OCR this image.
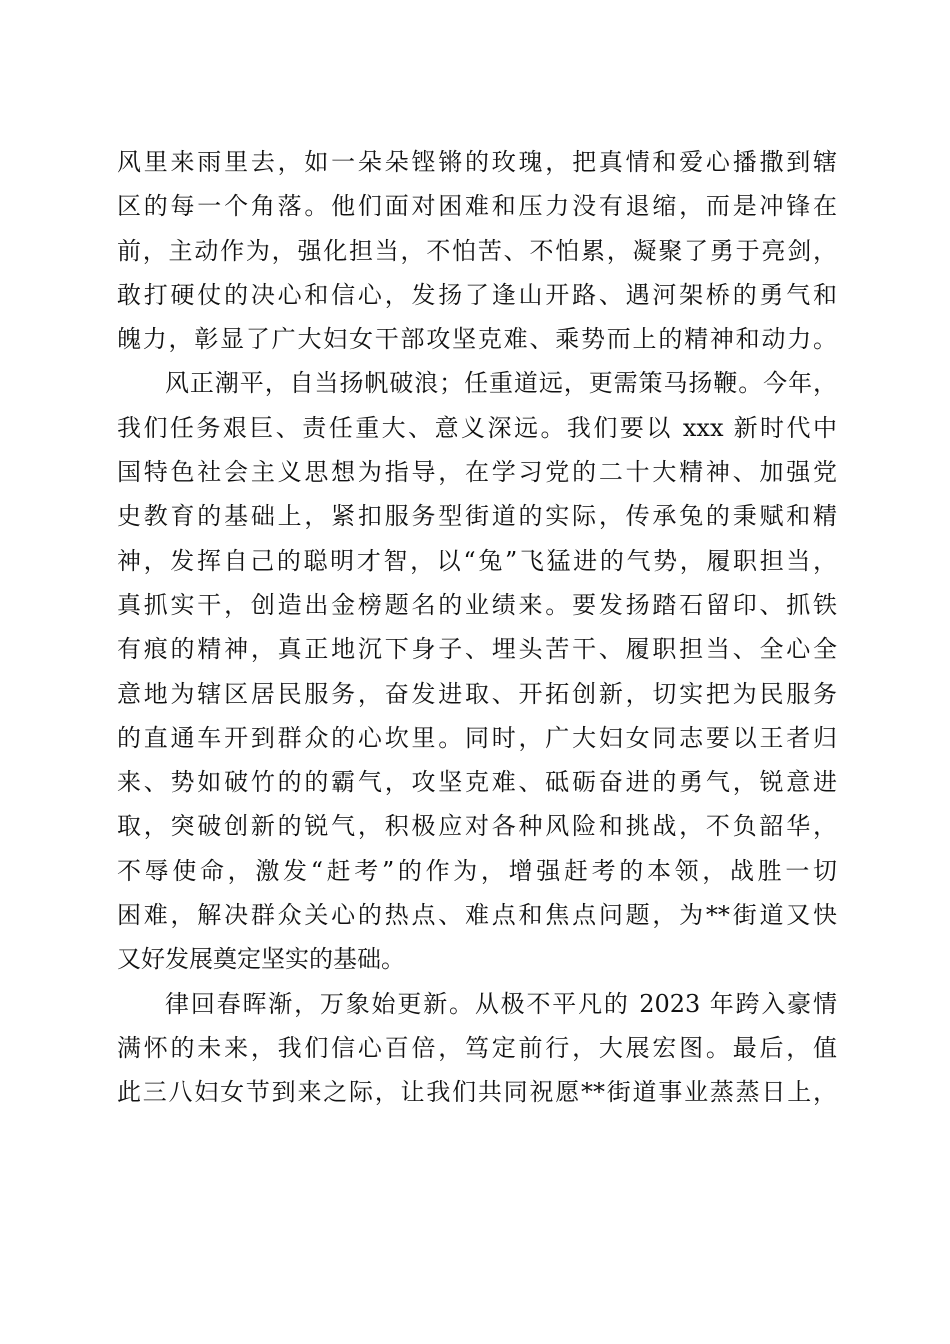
风里来雨里去，如一朵朵铿锵的玫瑰，把真情和爱心播撒到辖
区的每一个角落。他们面对困难和压力没有退缩，而是冲锋在
前，主动作为，强化担当，不怕苦、不怕累，凝聚了勇于亮剑，
敢打硬仗的决心和信心，发扬了逢山开路、遇河架桥的勇气和
魄力，彰显了广大妇女干部攻坚克难、乘势而上的精神和动力。
风正潮平，自当扬帆破浪；任重道远，更需策马扬鞭。今年，
我们任务艰巨、责任重大、意义深远。我们要以 xxx 新时代中
国特色社会主义思想为指导，在学习党的二十大精神、加强党
史教育的基础上，紧扣服务型街道的实际，传承兔的秉赋和精
神，发挥自己的聪明才智，以“兔”飞猛进的气势，履职担当，
真抓实干，创造出金榜题名的业绩来。要发扬踏石留印、抓铁
有痕的精神，真正地沉下身子、埋头苦干、履职担当、全心全
意地为辖区居民服务，奋发进取、开拓创新，切实把为民服务
的直通车开到群众的心坎里。同时，广大妇女同志要以王者归
来、势如破竹的的霸气，攻坚克难、砥砺奋进的勇气，锐意进
取，突破创新的锐气，积极应对各种风险和挑战，不负韶华，
不辱使命，激发“赶考”的作为，增强赶考的本领，战胜一切
困难，解决群众关心的热点、难点和焦点问题，为**街道又快
又好发展奠定坚实的基础。
律回春晖渐，万象始更新。从极不平凡的 2023 年跨入豪情
满怀的未来，我们信心百倍，笃定前行，大展宏图。最后，值
此三八妇女节到来之际，让我们共同祝愿**街道事业蒸蒸日上，
